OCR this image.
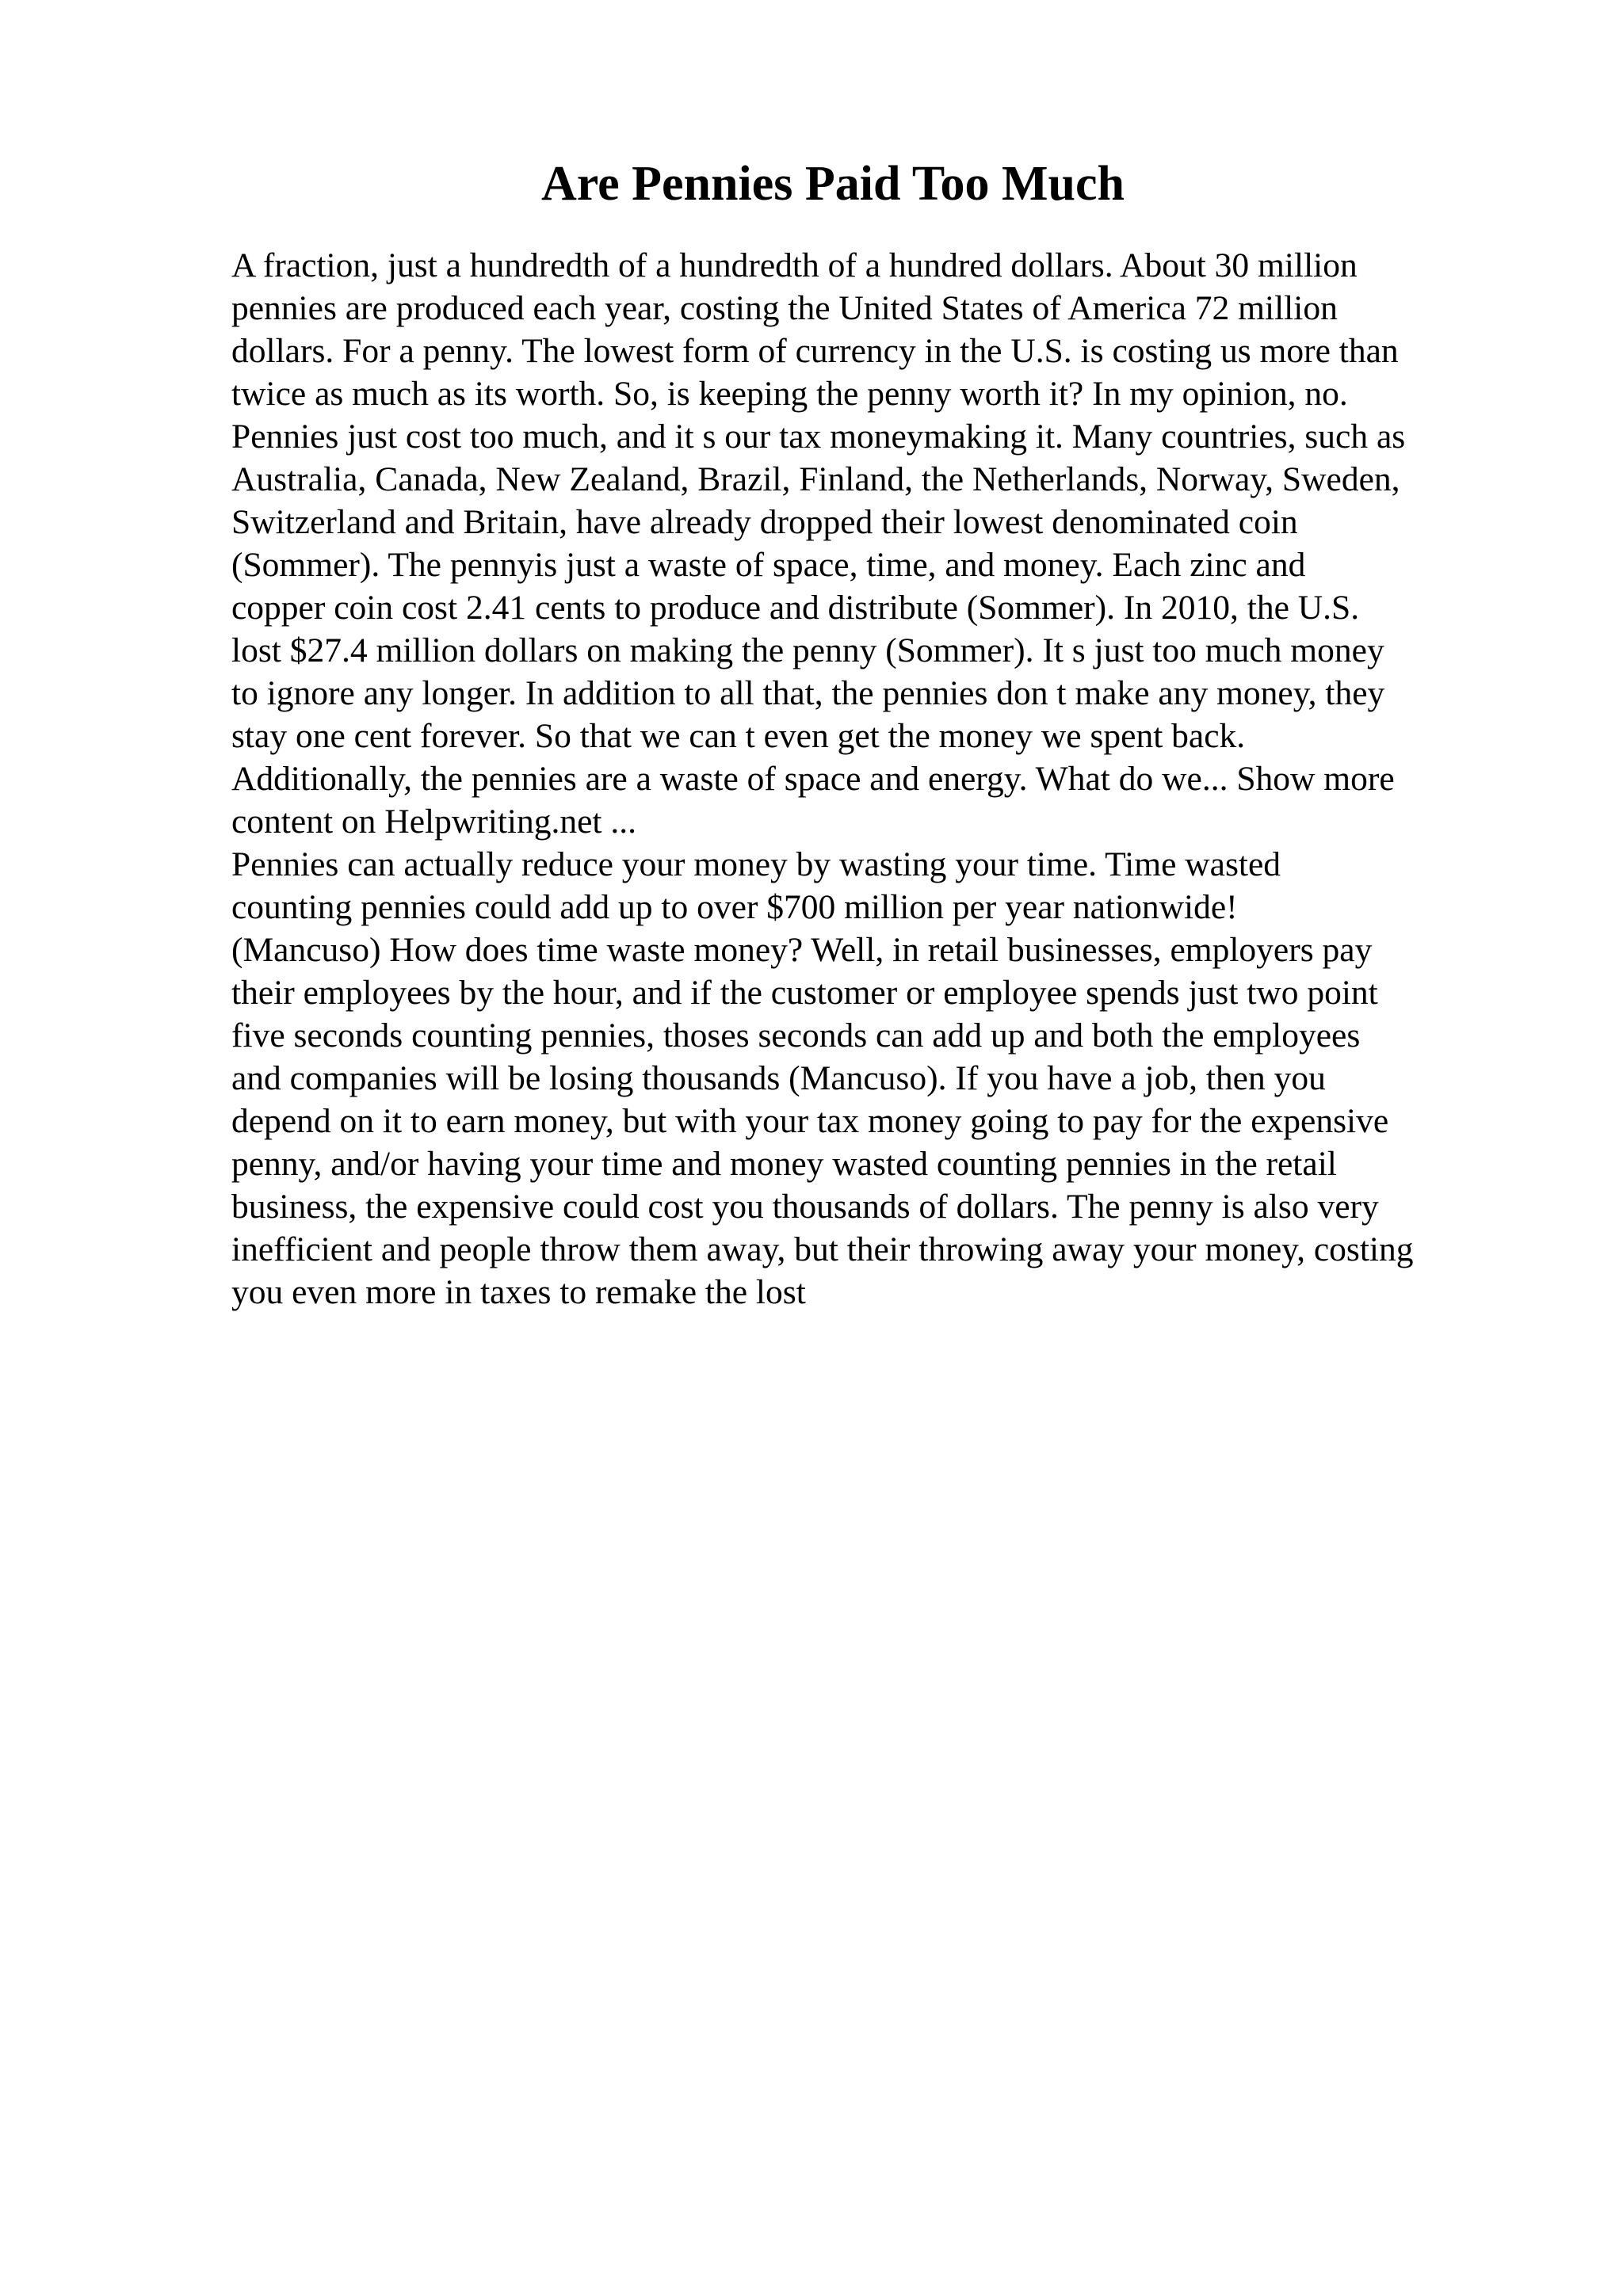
Are Pennies Paid Too Much
A fraction, just a hundredth of a hundredth of a hundred dollars. About 30 million
pennies are produced each year, costing the United States of America 72 million
dollars. For a penny. The lowest form of currency in the U.S. is costing us more than
twice as much as its worth. So, is keeping the penny worth it? In my opinion, no.
Pennies just cost too much, and it s our tax moneymaking it. Many countries, such as
Australia, Canada, New Zealand, Brazil, Finland, the Netherlands, Norway, Sweden,
Switzerland and Britain, have already dropped their lowest denominated coin
(Sommer). The pennyis just a waste of space, time, and money. Each zinc and
copper coin cost 2.41 cents to produce and distribute (Sommer). In 2010, the U.S.
lost $27.4 million dollars on making the penny (Sommer). It s just too much money
to ignore any longer. In addition to all that, the pennies don t make any money, they
stay one cent forever. So that we can t even get the money we spent back.
Additionally, the pennies are a waste of space and energy. What do we... Show more
content on Helpwriting.net ...
Pennies can actually reduce your money by wasting your time. Time wasted
counting pennies could add up to over $700 million per year nationwide!
(Mancuso) How does time waste money? Well, in retail businesses, employers pay
their employees by the hour, and if the customer or employee spends just two point
five seconds counting pennies, thoses seconds can add up and both the employees
and companies will be losing thousands (Mancuso). If you have a job, then you
depend on it to earn money, but with your tax money going to pay for the expensive
penny, and/or having your time and money wasted counting pennies in the retail
business, the expensive could cost you thousands of dollars. The penny is also very
inefficient and people throw them away, but their throwing away your money, costing
you even more in taxes to remake the lost
